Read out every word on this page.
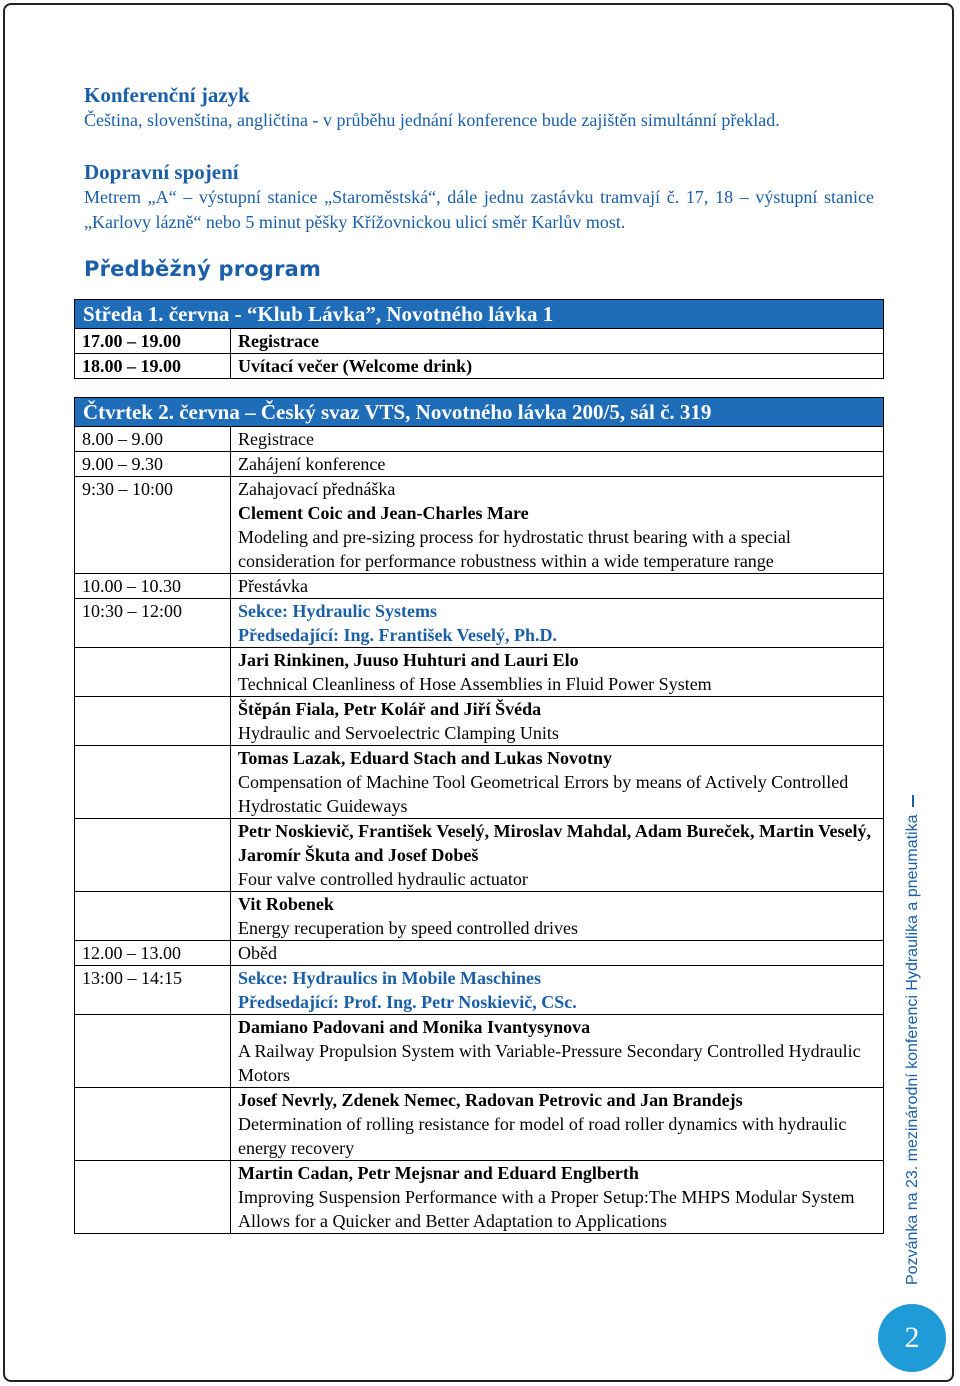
Konferenční jazyk

Čeština, slovenština, angličtina - v průběhu jednání konference bude zajištěn simultánní překlad.

Dopravní spojení

Metrem „A“ – výstupní stanice „Staroměstská“, dále jednu zastávku tramvají č. 17, 18 – výstupní stanice „Karlovy lázně“ nebo 5 minut pěšky Křížovnickou ulicí směr Karlův most.

Předběžný program
Středa 1. června - “Klub Lávka”, Novotného lávka 1	
17.00 – 19.00	Registrace
18.00 – 19.00	Uvítací večer (Welcome drink)
Čtvrtek 2. června – Český svaz VTS, Novotného lávka 200/5, sál č. 319	
8.00 – 9.00	Registrace
9.00 – 9.30	Zahájení konference
9:30 – 10:00	Zahajovací přednáška
Clement Coic and Jean-Charles Mare
Modeling and pre-sizing process for hydrostatic thrust bearing with a special consideration for performance robustness within a wide temperature range

10.00 – 10.30	Přestávka
10:30 – 12:00	Sekce: Hydraulic Systems
Předsedající: Ing. František Veselý, Ph.D.

	Jari Rinkinen, Juuso Huhturi and Lauri Elo
Technical Cleanliness of Hose Assemblies in Fluid Power System

	Štěpán Fiala, Petr Kolář and Jiří Švéda
Hydraulic and Servoelectric Clamping Units

	Tomas Lazak, Eduard Stach and Lukas Novotny
Compensation of Machine Tool Geometrical Errors by means of Actively Controlled Hydrostatic Guideways

	Petr Noskievič, František Veselý, Miroslav Mahdal, Adam Bureček, Martin Veselý, Jaromír Škuta and Josef Dobeš
Four valve controlled hydraulic actuator

	Vit Robenek
Energy recuperation by speed controlled drives

12.00 – 13.00	Oběd
13:00 – 14:15	Sekce: Hydraulics in Mobile Maschines
Předsedající: Prof. Ing. Petr Noskievič, CSc.

	Damiano Padovani and Monika Ivantysynova
A Railway Propulsion System with Variable-Pressure Secondary Controlled Hydraulic Motors

	Josef Nevrly, Zdenek Nemec, Radovan Petrovic and Jan Brandejs
Determination of rolling resistance for model of road roller dynamics with hydraulic energy recovery

	Martin Cadan, Petr Mejsnar and Eduard Englberth
Improving Suspension Performance with a Proper Setup:The MHPS Modular System Allows for a Quicker and Better Adaptation to Applications	Pozvánka na 23. mezinárodní konferenci Hydraulika a pneumatika
2
